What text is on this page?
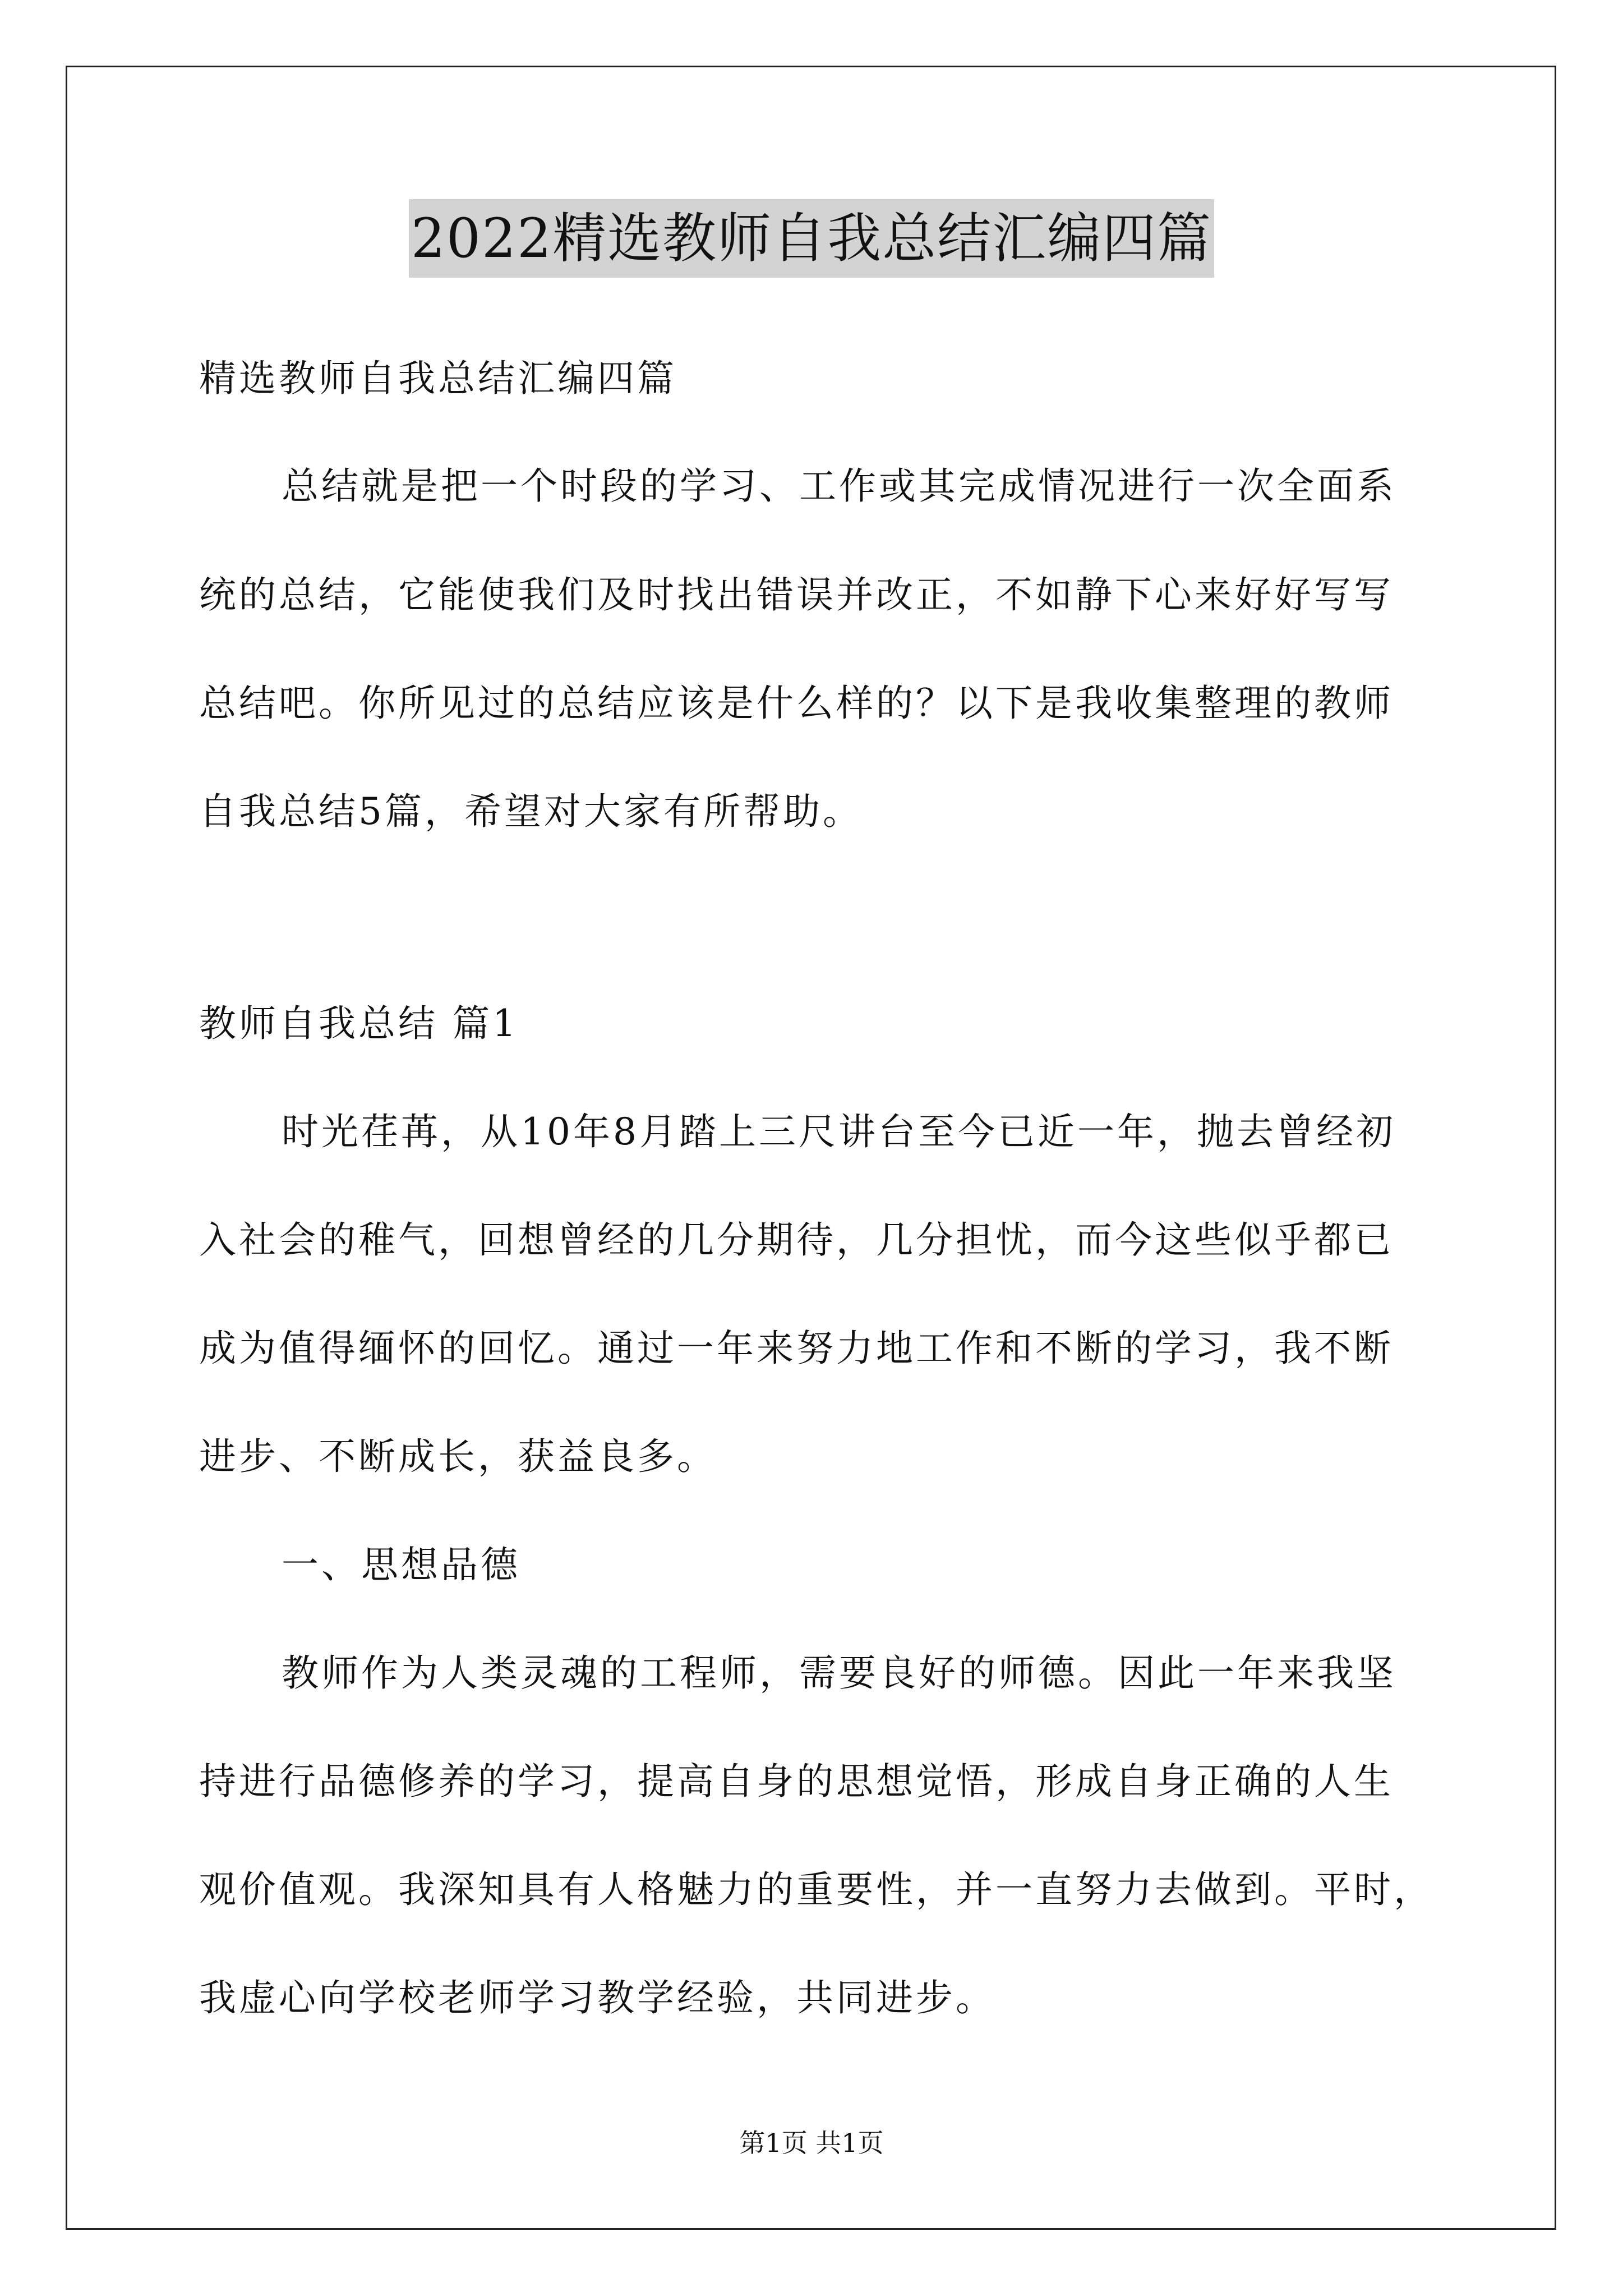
2022精选教师自我总结汇编四篇
精选教师自我总结汇编四篇
总结就是把一个时段的学习、工作或其完成情况进行一次全面系
统的总结，它能使我们及时找出错误并改正，不如静下心来好好写写
总结吧。你所见过的总结应该是什么样的？以下是我收集整理的教师
自我总结5篇，希望对大家有所帮助。
教师自我总结 篇1
时光荏苒，从10年8月踏上三尺讲台至今已近一年，抛去曾经初
入社会的稚气，回想曾经的几分期待，几分担忧，而今这些似乎都已
成为值得缅怀的回忆。通过一年来努力地工作和不断的学习，我不断
进步、不断成长，获益良多。
一、思想品德
教师作为人类灵魂的工程师，需要良好的师德。因此一年来我坚
持进行品德修养的学习，提高自身的思想觉悟，形成自身正确的人生
观价值观。我深知具有人格魅力的重要性，并一直努力去做到。平时，
我虚心向学校老师学习教学经验，共同进步。
第1页 共1页
